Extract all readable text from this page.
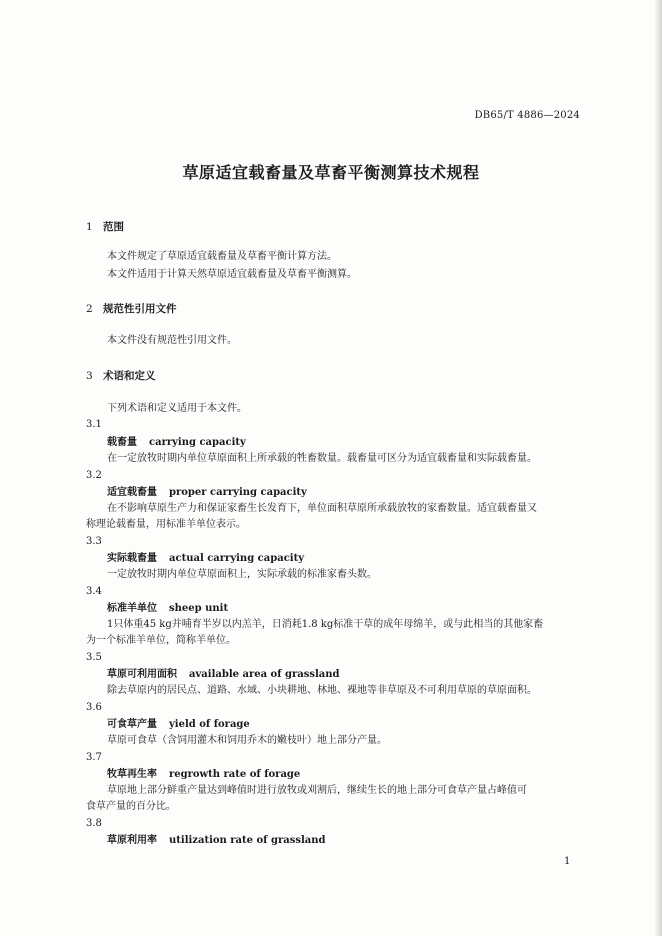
DB65/T 4886—2024
草原适宜载畜量及草畜平衡测算技术规程
1 范围
本文件规定了草原适宜载畜量及草畜平衡计算方法。
本文件适用于计算天然草原适宜载畜量及草畜平衡测算。
2 规范性引用文件
本文件没有规范性引用文件。
3 术语和定义
下列术语和定义适用于本文件。
3.1
载畜量 carrying capacity
在一定放牧时期内单位草原面积上所承载的牲畜数量。载畜量可区分为适宜载畜量和实际载畜量。
3.2
适宜载畜量 proper carrying capacity
在不影响草原生产力和保证家畜生长发育下，单位面积草原所承载放牧的家畜数量。适宜载畜量又
称理论载畜量，用标准羊单位表示。
3.3
实际载畜量 actual carrying capacity
一定放牧时期内单位草原面积上，实际承载的标准家畜头数。
3.4
标准羊单位 sheep unit
1只体重45 kg并哺育半岁以内羔羊，日消耗1.8 kg标准干草的成年母绵羊，或与此相当的其他家畜
为一个标准羊单位，简称羊单位。
3.5
草原可利用面积 available area of grassland
除去草原内的居民点、道路、水域、小块耕地、林地、裸地等非草原及不可利用草原的草原面积。
3.6
可食草产量 yield of forage
草原可食草（含饲用灌木和饲用乔木的嫩枝叶）地上部分产量。
3.7
牧草再生率 regrowth rate of forage
草原地上部分鲜重产量达到峰值时进行放牧或刈割后，继续生长的地上部分可食草产量占峰值可
食草产量的百分比。
3.8
草原利用率 utilization rate of grassland
1
